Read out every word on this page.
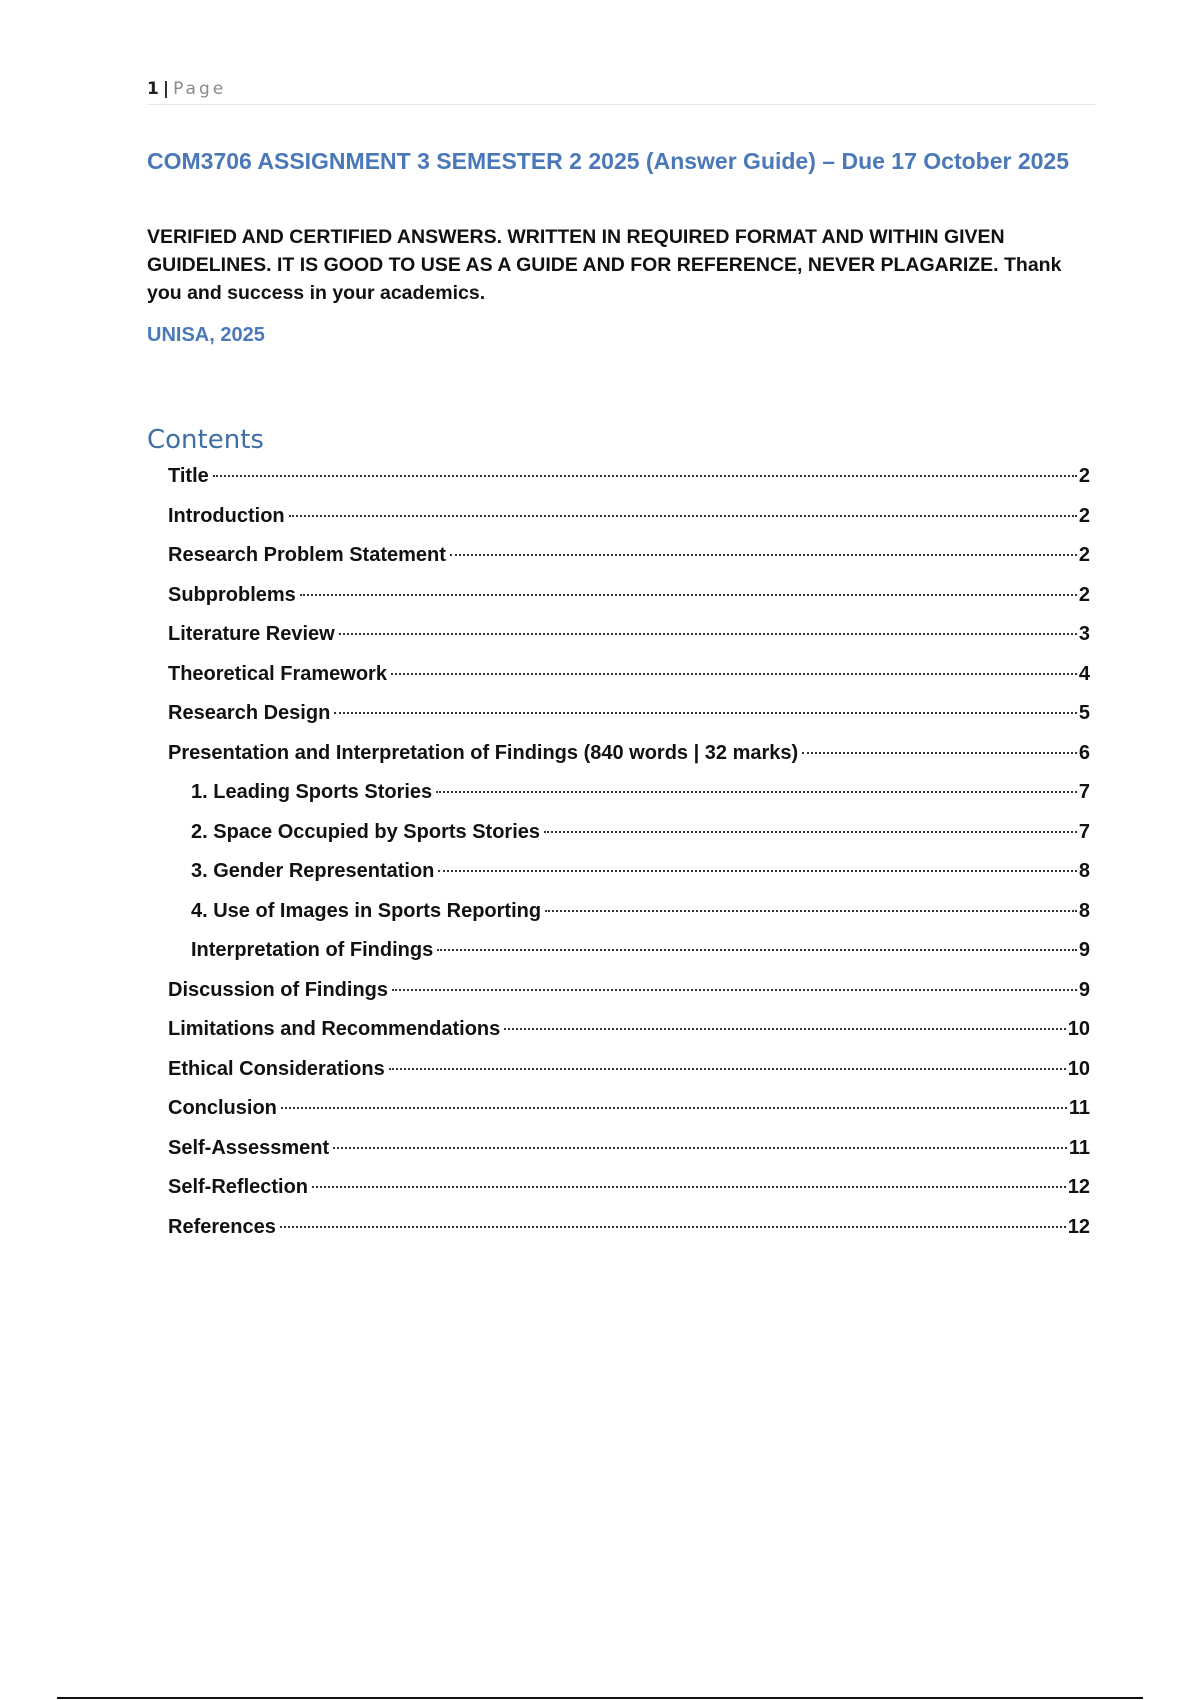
1 | Page
COM3706 ASSIGNMENT 3 SEMESTER 2 2025 (Answer Guide) – Due 17 October 2025

VERIFIED AND CERTIFIED ANSWERS. WRITTEN IN REQUIRED FORMAT AND WITHIN GIVEN GUIDELINES. IT IS GOOD TO USE AS A GUIDE AND FOR REFERENCE, NEVER PLAGARIZE. Thank you and success in your academics.

UNISA, 2025

Contents
Title	2
Introduction	2
Research Problem Statement	2
Subproblems	2
Literature Review	3
Theoretical Framework	4
Research Design	5
Presentation and Interpretation of Findings (840 words | 32 marks)	6
1. Leading Sports Stories	7
2. Space Occupied by Sports Stories	7
3. Gender Representation	8
4. Use of Images in Sports Reporting	8
Interpretation of Findings	9
Discussion of Findings	9
Limitations and Recommendations	10
Ethical Considerations	10
Conclusion	11
Self-Assessment	11
Self-Reflection	12
References	12
